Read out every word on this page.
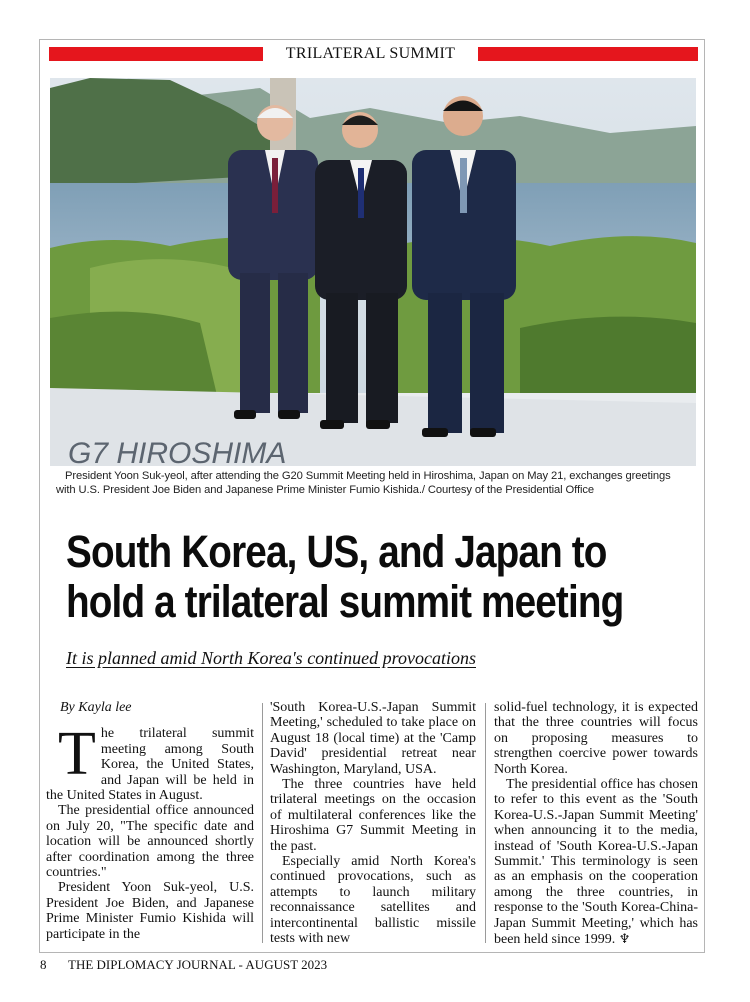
TRILATERAL SUMMIT
G7 HIROSHIMA
President Yoon Suk-yeol, after attending the G20 Summit Meeting held in Hiroshima, Japan on May 21, exchanges greetings
with U.S. President Joe Biden and Japanese Prime Minister Fumio Kishida./ Courtesy of the Presidential Office
South Korea, US, and Japan to
hold a trilateral summit meeting
It is planned amid North Korea's continued provocations

By Kayla lee

The trilateral summit meeting among South Korea, the United States, and Japan will be held in the United States in August.

The presidential office announced on July 20, "The specific date and location will be announced shortly after coordination among the three countries."

President Yoon Suk-yeol, U.S. President Joe Biden, and Japanese Prime Minister Fumio Kishida will participate in the

'South Korea-U.S.-Japan Summit Meeting,' scheduled to take place on August 18 (local time) at the 'Camp David' presidential retreat near Washington, Maryland, USA.

The three countries have held trilateral meetings on the occasion of multilateral conferences like the Hiroshima G7 Summit Meeting in the past.

Especially amid North Korea's continued provocations, such as attempts to launch military reconnaissance satellites and intercontinental ballistic missile tests with new

solid-fuel technology, it is expected that the three countries will focus on proposing measures to strengthen coercive power towards North Korea.

The presidential office has chosen to refer to this event as the 'South Korea-U.S.-Japan Summit Meeting' when announcing it to the media, instead of 'South Korea-U.S.-Japan Summit.' This terminology is seen as an emphasis on the cooperation among the three countries, in response to the 'South Korea-China-Japan Summit Meeting,' which has been held since 1999. ♆

8 THE DIPLOMACY JOURNAL - AUGUST 2023
